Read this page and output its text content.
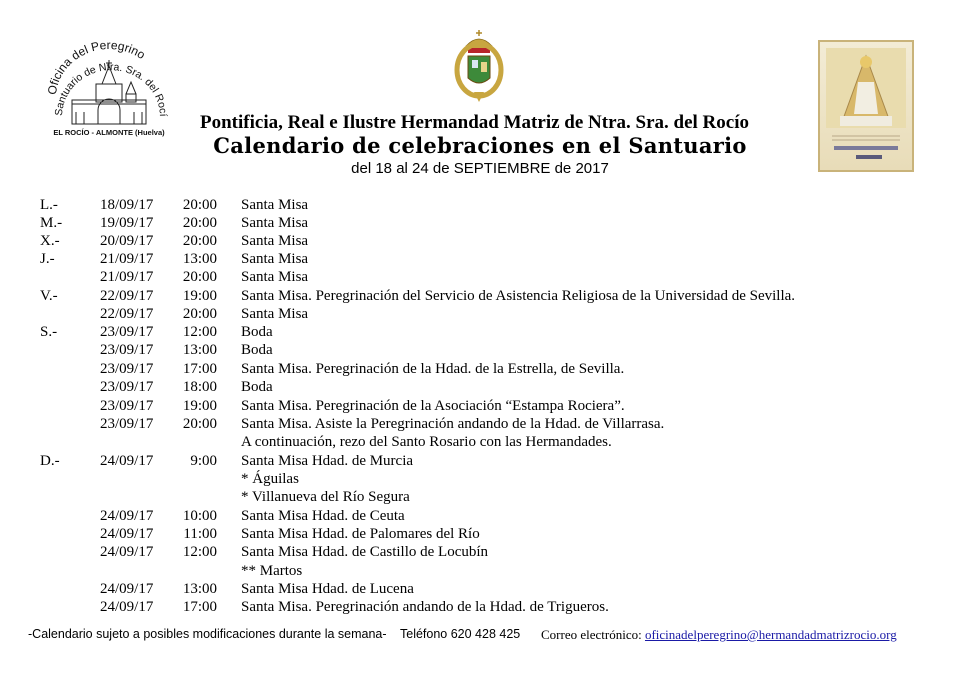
Oficina del Peregrino
Santuario de Ntra. Sra. del Rocí
EL ROCÍO - ALMONTE (Huelva) Pontificia, Real e Ilustre Hermandad Matriz de Ntra. Sra. del Rocío
Calendario de celebraciones en el Santuario
del 18 al 24 de SEPTIEMBRE de 2017
L.-	18/09/17	20:00 Santa Misa
M.-	19/09/17	20:00 Santa Misa
X.-	20/09/17	20:00 Santa Misa
J.-	21/09/17	13:00 Santa Misa
21/09/17	20:00 Santa Misa
V.-	22/09/17	19:00 Santa Misa. Peregrinación del Servicio de Asistencia Religiosa de la Universidad de Sevilla.
22/09/17	20:00 Santa Misa
S.-	23/09/17	12:00 Boda
23/09/17	13:00 Boda
23/09/17	17:00 Santa Misa. Peregrinación de la Hdad. de la Estrella, de Sevilla.
23/09/17	18:00 Boda
23/09/17	19:00 Santa Misa. Peregrinación de la Asociación “Estampa Rociera”.
23/09/17	20:00 Santa Misa. Asiste la Peregrinación andando de la Hdad. de Villarrasa.
A continuación, rezo del Santo Rosario con las Hermandades.
D.-	24/09/17	9:00 Santa Misa Hdad. de Murcia
* Águilas
* Villanueva del Río Segura
24/09/17	10:00 Santa Misa Hdad. de Ceuta
24/09/17	11:00 Santa Misa Hdad. de Palomares del Río
24/09/17	12:00 Santa Misa Hdad. de Castillo de Locubín
** Martos
24/09/17	13:00 Santa Misa Hdad. de Lucena
24/09/17	17:00 Santa Misa. Peregrinación andando de la Hdad. de Trigueros.
-Calendario sujeto a posibles modificaciones durante la semana- Teléfono 620 428 425 Correo electrónico: oficinadelperegrino@hermandadmatrizrocio.org
